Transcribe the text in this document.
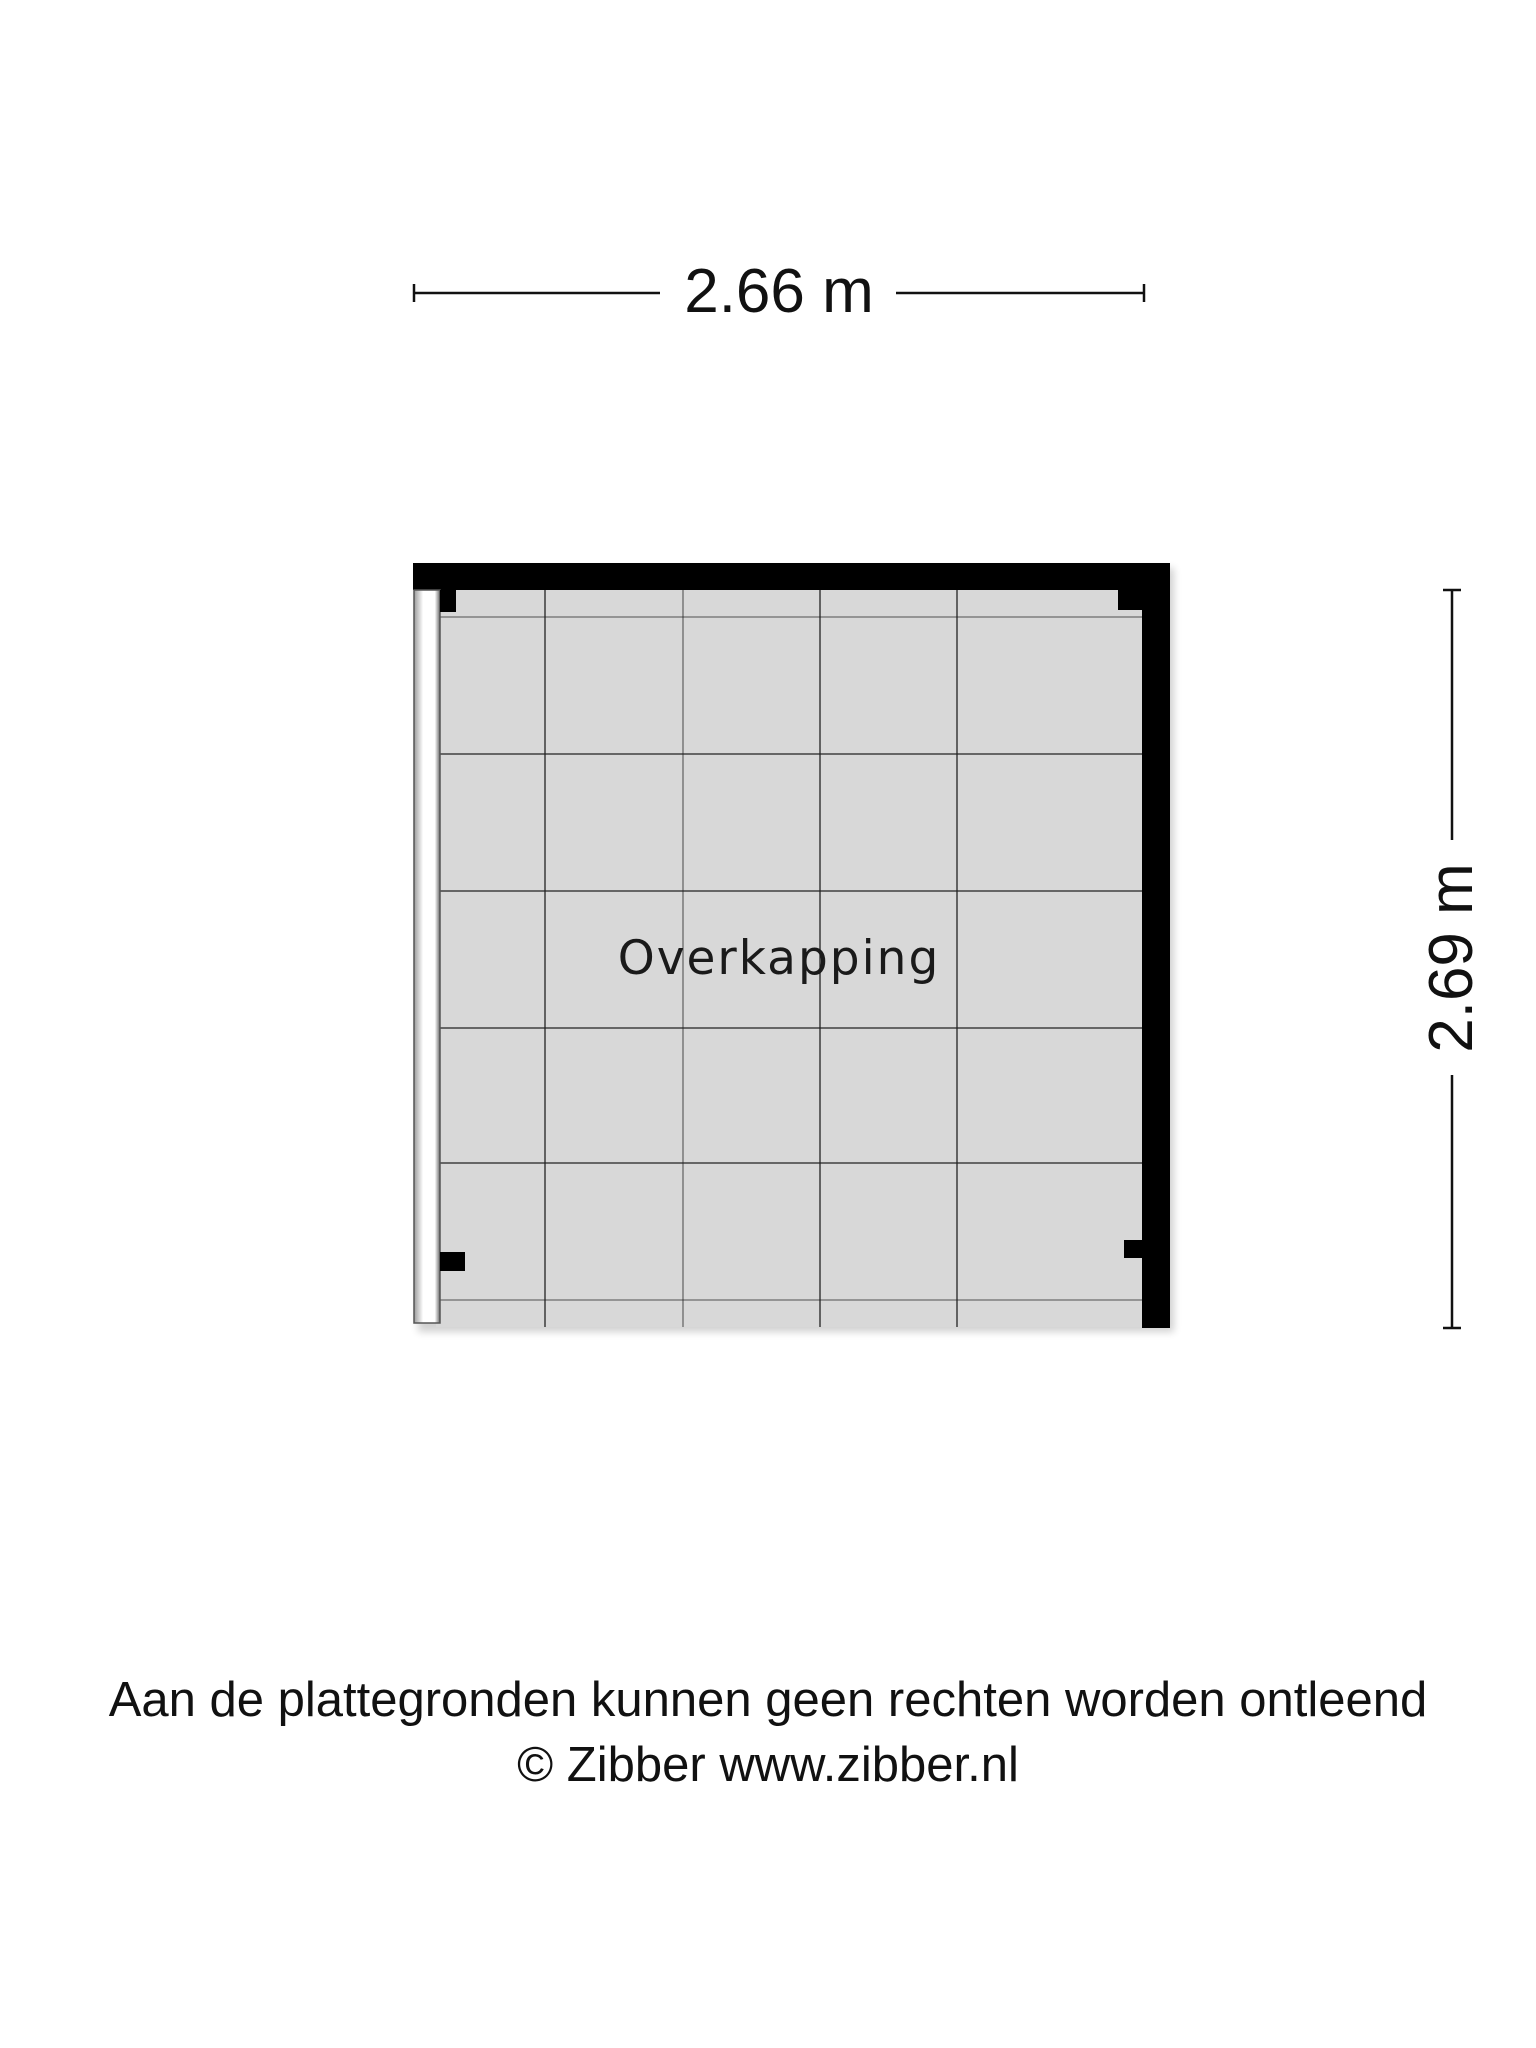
2.66 m
2.69 m
Overkapping
Aan de plattegronden kunnen geen rechten worden ontleend
© Zibber www.zibber.nl
